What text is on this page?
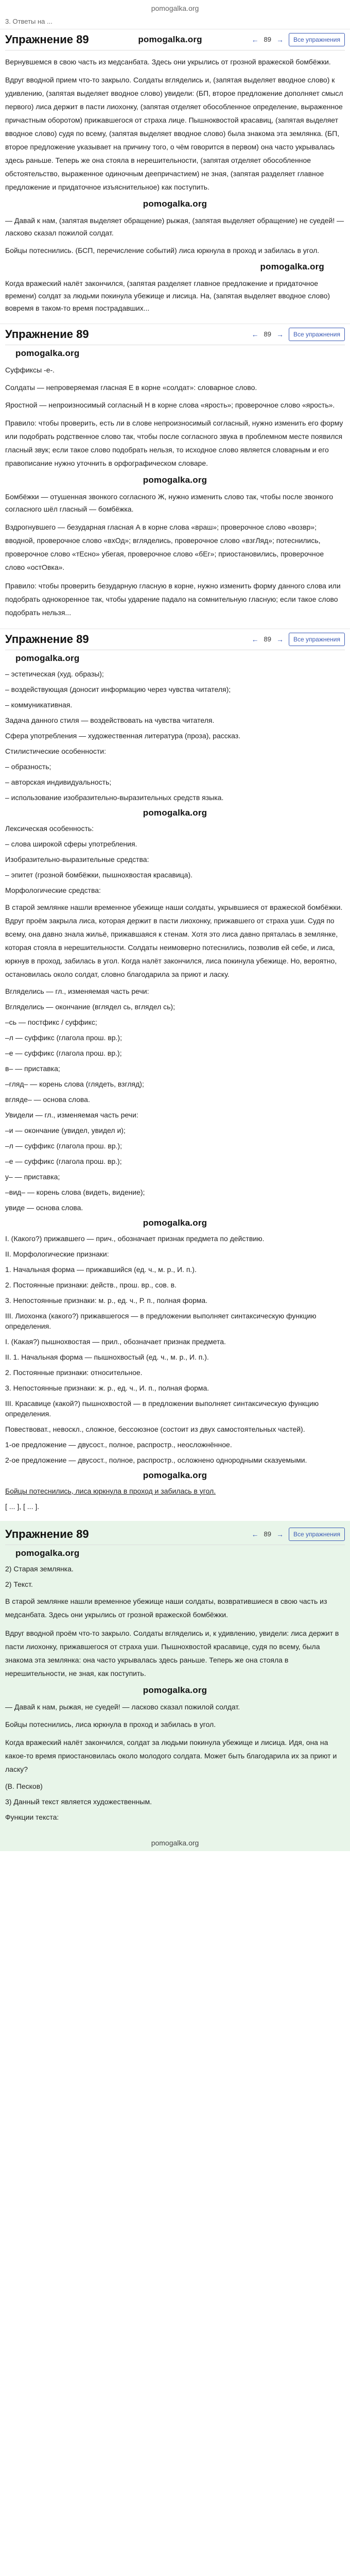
pomogalka.org
3. Ответы на ...
Упражнение 89	pomogalka.org	← 89 →	Все упражнения

Вернувшемся в свою часть из медсанбата. Здесь они укрылись от грозной вражеской бомбёжки.

Вдруг вводной прием что-то закрыло. Солдаты вгляделись и, (запятая выделяет вводное слово) к удивлению, (запятая выделяет вводное слово) увидели: (БП, второе предложение дополняет смысл первого) лиса держит в пасти лиохонку, (запятая отделяет обособленное определение, выраженное причастным оборотом) прижавшегося от страха лице. Пышноквостой красавиц, (запятая выделяет вводное слово) судя по всему, (запятая выделяет вводное слово) была знакома эта землянка. (БП, второе предложение указывает на причину того, о чём говорится в первом) она часто укрывалась здесь раньше. Теперь же она стояла в нерешительности, (запятая отделяет обособленное обстоятельство, выраженное одиночным деепричастием) не зная, (запятая разделяет главное предложение и придаточное изъяснительное) как поступить.

pomogalka.org

— Давай к нам, (запятая выделяет обращение) рыжая, (запятая выделяет обращение) не суедей! — ласково сказал пожилой солдат.

Бойцы потеснились. (БСП, перечисление событий) лиса юркнула в проход и забилась в угол.

pomogalka.org

Когда вражеский налёт закончился, (запятая разделяет главное предложение и придаточное времени) солдат за людьми покинула убежище и лисица. На, (запятая выделяет вводное слово) вовремя в таком-то время пострадавших...

Упражнение 89	← 89 →	Все упражнения
pomogalka.org

Суффиксы -е-.

Солдаты — непроверяемая гласная Е в корне «солдат»: словарное слово.

Яростной — непроизносимый согласный Н в корне слова «ярость»; проверочное слово «ярость».

Правило: чтобы проверить, есть ли в слове непроизносимый согласный, нужно изменить его форму или подобрать родственное слово так, чтобы после согласного звука в проблемном месте появился гласный звук; если такое слово подобрать нельзя, то исходное слово является словарным и его правописание нужно уточнить в орфографическом словаре.

pomogalka.org

Бомбёжки — отушенная звонкого согласного Ж, нужно изменить слово так, чтобы после звонкого согласного шёл гласный — бомбёжка.

Вздрогнувшего — безударная гласная А в корне слова «враш»; проверочное слово «возвр»; вводной, проверочное слово «вхОд»; вгляделись, проверочное слово «взгЛяд»; потеснились, проверочное слово «тЕсно» убегая, проверочное слово «бЕг»; приостановились, проверочное слово «остОвка».

Правило: чтобы проверить безударную гласную в корне, нужно изменить форму данного слова или подобрать однокоренное так, чтобы ударение падало на сомнительную гласную; если такое слово подобрать нельзя...

Упражнение 89	← 89 →	Все упражнения
pomogalka.org
– эстетическая (худ. образы);
– воздействующая (доносит информацию через чувства читателя);
– коммуникативная.
Задача данного стиля — воздействовать на чувства читателя.
Сфера употребления — художественная литература (проза), рассказ.
Стилистические особенности:
– образность;
– авторская индивидуальность;
– использование изобразительно-выразительных средств языка.
pomogalka.org
Лексическая особенность:
– слова широкой сферы употребления.
Изобразительно-выразительные средства:
– эпитет (грозной бомбёжки, пышнохвостая красавица).
Морфологические средства:

В старой землянке нашли временное убежище наши солдаты, укрывшиеся от вражеской бомбёжки. Вдруг проём закрыла лиса, которая держит в пасти лиохонку, прижавшего от страха уши. Судя по всему, она давно знала жильё, прижавшаяся к стенам. Хотя это лиса давно пряталась в землянке, которая стояла в нерешительности. Солдаты неимоверно потеснились, позволив ей себе, и лиса, юркнув в проход, забилась в угол. Когда налёт закончился, лиса покинула убежище. Но, вероятно, остановилась около солдат, словно благодарила за приют и ласку.

Вгляделись — гл., изменяемая часть речи:
Вгляделись — окончание (вглядел сь, вглядел сь);
–сь — постфикс / суффикс;
–л — суффикс (глагола прош. вр.);
–е — суффикс (глагола прош. вр.);
в– — приставка;
–гляд– — корень слова (глядеть, взгляд);
вгляде– — основа слова.
Увидели — гл., изменяемая часть речи:
–и — окончание (увидел, увидел и);
–л — суффикс (глагола прош. вр.);
–е — суффикс (глагола прош. вр.);
у– — приставка;
–вид– — корень слова (видеть, видение);
увиде — основа слова.
pomogalka.org
I. (Какого?) прижавшего — прич., обозначает признак предмета по действию.
II. Морфологические признаки:
1. Начальная форма — прижавшийся (ед. ч., м. р., И. п.).
2. Постоянные признаки: действ., прош. вр., сов. в.
3. Непостоянные признаки: м. р., ед. ч., Р. п., полная форма.
III. Лиохонка (какого?) прижавшегося — в предложении выполняет синтаксическую функцию определения.
I. (Какая?) пышнохвостая — прил., обозначает признак предмета.
II. 1. Начальная форма — пышнохвостый (ед. ч., м. р., И. п.).
2. Постоянные признаки: относительное.
3. Непостоянные признаки: ж. р., ед. ч., И. п., полная форма.
III. Красавице (какой?) пышнохвостой — в предложении выполняет синтаксическую функцию определения.
Повествоват., невоскл., сложное, бессоюзное (состоит из двух самостоятельных частей).
1-ое предложение — двусост., полное, распростр., неосложнённое.
2-ое предложение — двусост., полное, распростр., осложнено однородными сказуемыми.
pomogalka.org
Бойцы потеснились, лиса юркнула в проход и забилась в угол.
[ ... ], [ ... ].
Упражнение 89	← 89 →	Все упражнения
pomogalka.org
2) Старая землянка.
2) Текст.

В старой землянке нашли временное убежище наши солдаты, возвратившиеся в свою часть из медсанбата. Здесь они укрылись от грозной вражеской бомбёжки.

Вдруг вводной проём что-то закрыло. Солдаты вгляделись и, к удивлению, увидели: лиса держит в пасти лиохонку, прижавшегося от страха уши. Пышнохвостой красавице, судя по всему, была знакома эта землянка: она часто укрывалась здесь раньше. Теперь же она стояла в нерешительности, не зная, как поступить.

pomogalka.org

— Давай к нам, рыжая, не суедей! — ласково сказал пожилой солдат.

Бойцы потеснились, лиса юркнула в проход и забилась в угол.

Когда вражеский налёт закончился, солдат за людьми покинула убежище и лисица. Идя, она на какое-то время приостановилась около молодого солдата. Может быть благодарила их за приют и ласку?

(В. Песков)
3) Данный текст является художественным.
Функции текста:
pomogalka.org
